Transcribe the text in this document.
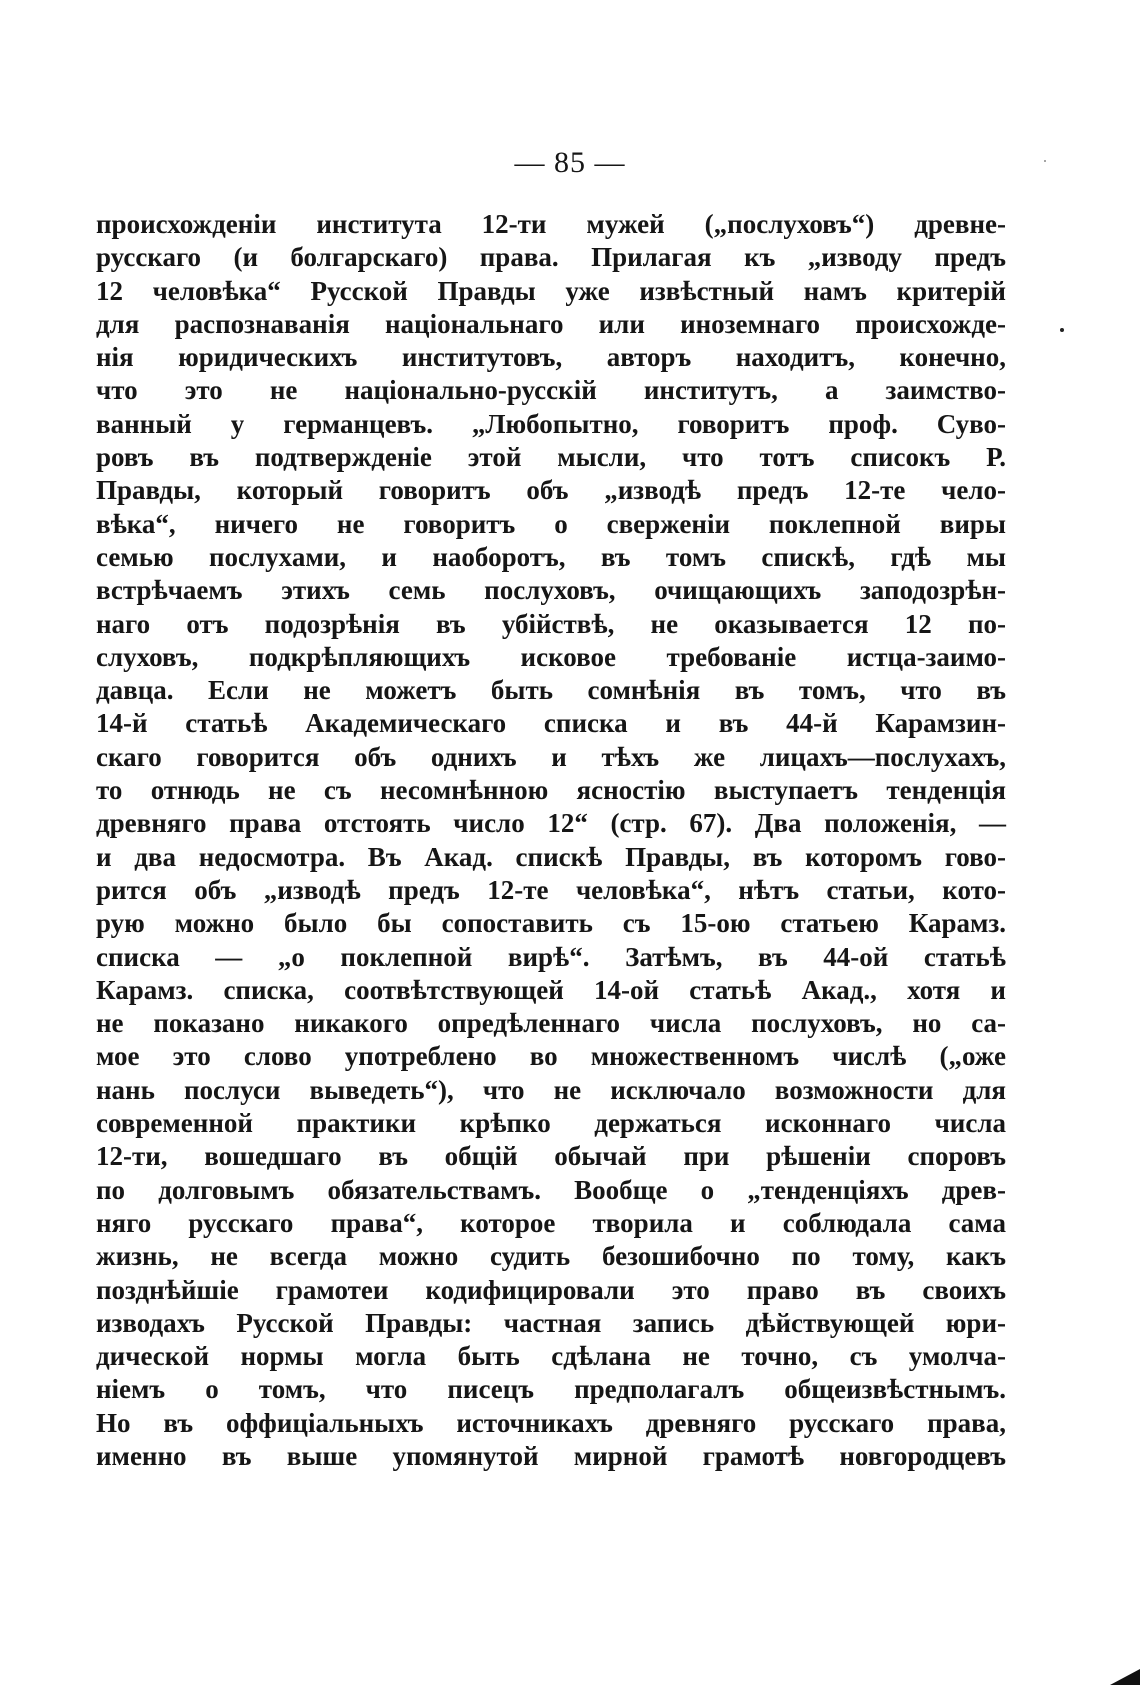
— 85 —
происхожденіи института 12-ти мужей („послуховъ“) древне-
русскаго (и болгарскаго) права. Прилагая къ „изводу предъ
12 человѣка“ Русской Правды уже извѣстный намъ критерій
для распознаванія національнаго или иноземнаго происхожде-
нія юридическихъ институтовъ, авторъ находитъ, конечно,
что это не національно-русскій институтъ, а заимство-
ванный у германцевъ. „Любопытно, говоритъ проф. Суво-
ровъ въ подтвержденіе этой мысли, что тотъ списокъ Р.
Правды, который говоритъ объ „изводѣ предъ 12-те чело-
вѣка“, ничего не говоритъ о сверженіи поклепной виры
семью послухами, и наоборотъ, въ томъ спискѣ, гдѣ мы
встрѣчаемъ этихъ семь послуховъ, очищающихъ заподозрѣн-
наго отъ подозрѣнія въ убійствѣ, не оказывается 12 по-
слуховъ, подкрѣпляющихъ исковое требованіе истца-заимо-
давца. Если не можетъ быть сомнѣнія въ томъ, что въ
14-й статьѣ Академическаго списка и въ 44-й Карамзин-
скаго говорится объ однихъ и тѣхъ же лицахъ—послухахъ,
то отнюдь не съ несомнѣнною ясностію выступаетъ тенденція
древняго права отстоять число 12“ (стр. 67). Два положенія, —
и два недосмотра. Въ Акад. спискѣ Правды, въ которомъ гово-
рится объ „изводѣ предъ 12-те человѣка“, нѣтъ статьи, кото-
рую можно было бы сопоставить съ 15-ою статьею Карамз.
списка — „о поклепной вирѣ“. Затѣмъ, въ 44-ой статьѣ
Карамз. списка, соотвѣтствующей 14-ой статьѣ Акад., хотя и
не показано никакого опредѣленнаго числа послуховъ, но са-
мое это слово употреблено во множественномъ числѣ („оже
нань послуси выведеть“), что не исключало возможности для
современной практики крѣпко держаться исконнаго числа
12-ти, вошедшаго въ общій обычай при рѣшеніи споровъ
по долговымъ обязательствамъ. Вообще о „тенденціяхъ древ-
няго русскаго права“, которое творила и соблюдала сама
жизнь, не всегда можно судить безошибочно по тому, какъ
позднѣйшіе грамотеи кодифицировали это право въ своихъ
изводахъ Русской Правды: частная запись дѣйствующей юри-
дической нормы могла быть сдѣлана не точно, съ умолча-
ніемъ о томъ, что писецъ предполагалъ общеизвѣстнымъ.
Но въ оффиціальныхъ источникахъ древняго русскаго права,
именно въ выше упомянутой мирной грамотѣ новгородцевъ
